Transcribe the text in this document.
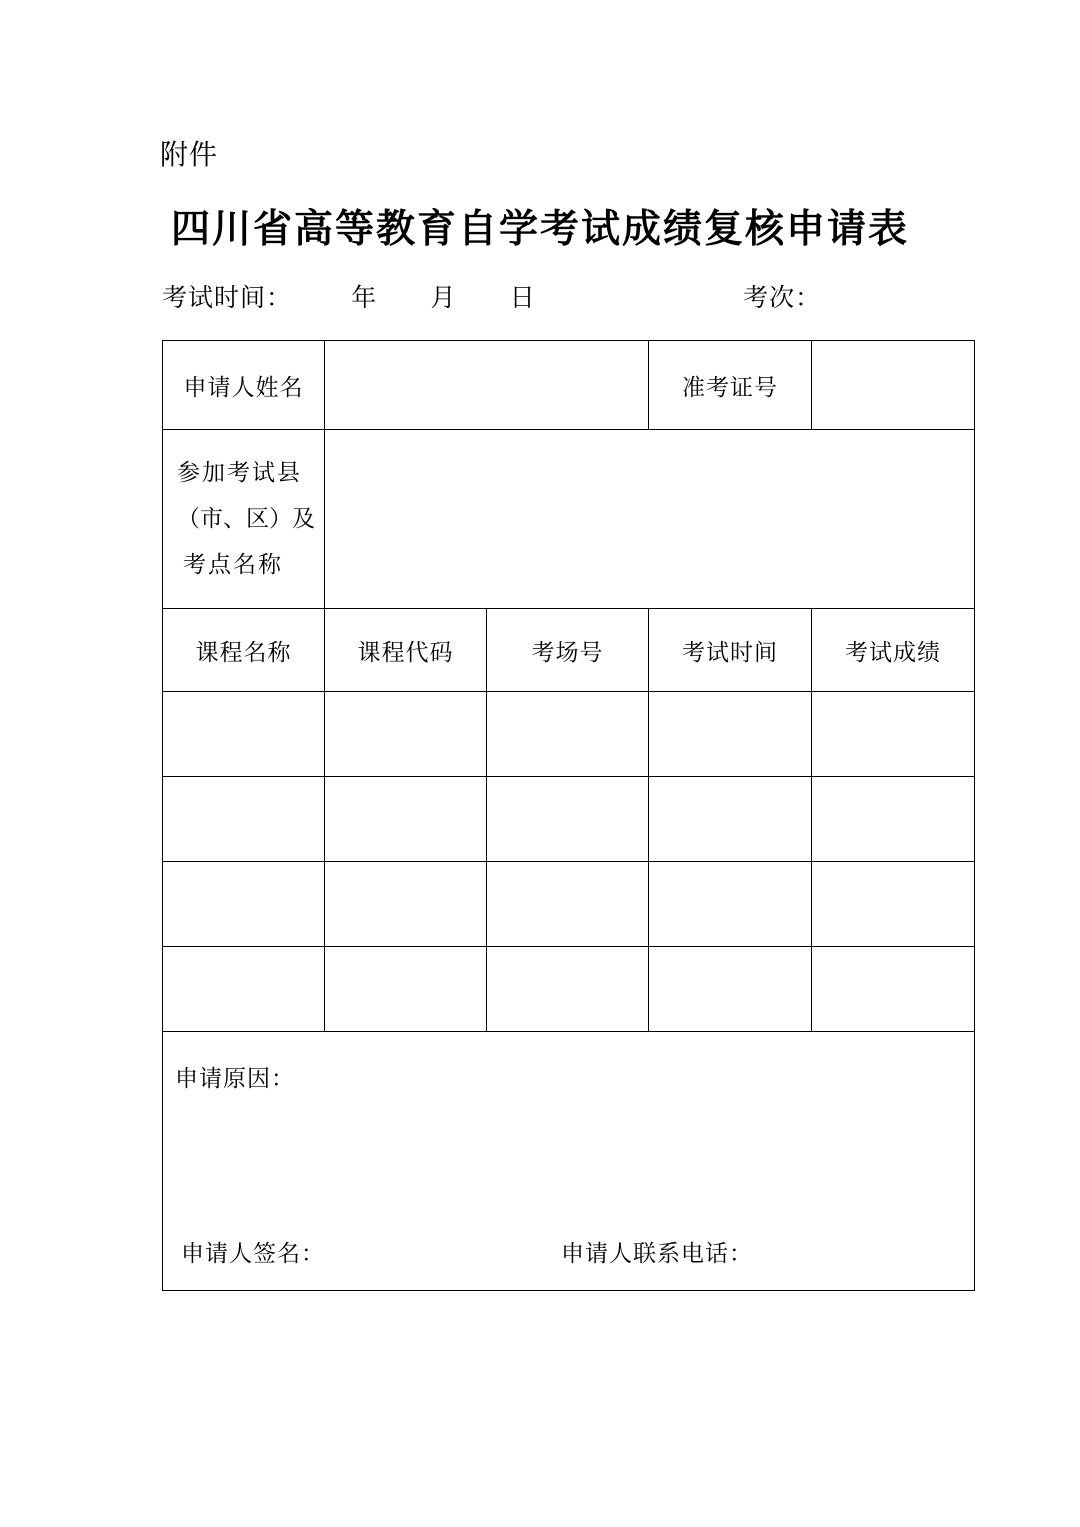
附件
四川省高等教育自学考试成绩复核申请表
考试时间： 年 月 日	考次：
申请人姓名			准考证号	

参加考试县
（市、区）及
考点名称				

课程名称	课程代码	考场号	考试时间	考试成绩

申请原因：
申请人签名： 申请人联系电话：				
